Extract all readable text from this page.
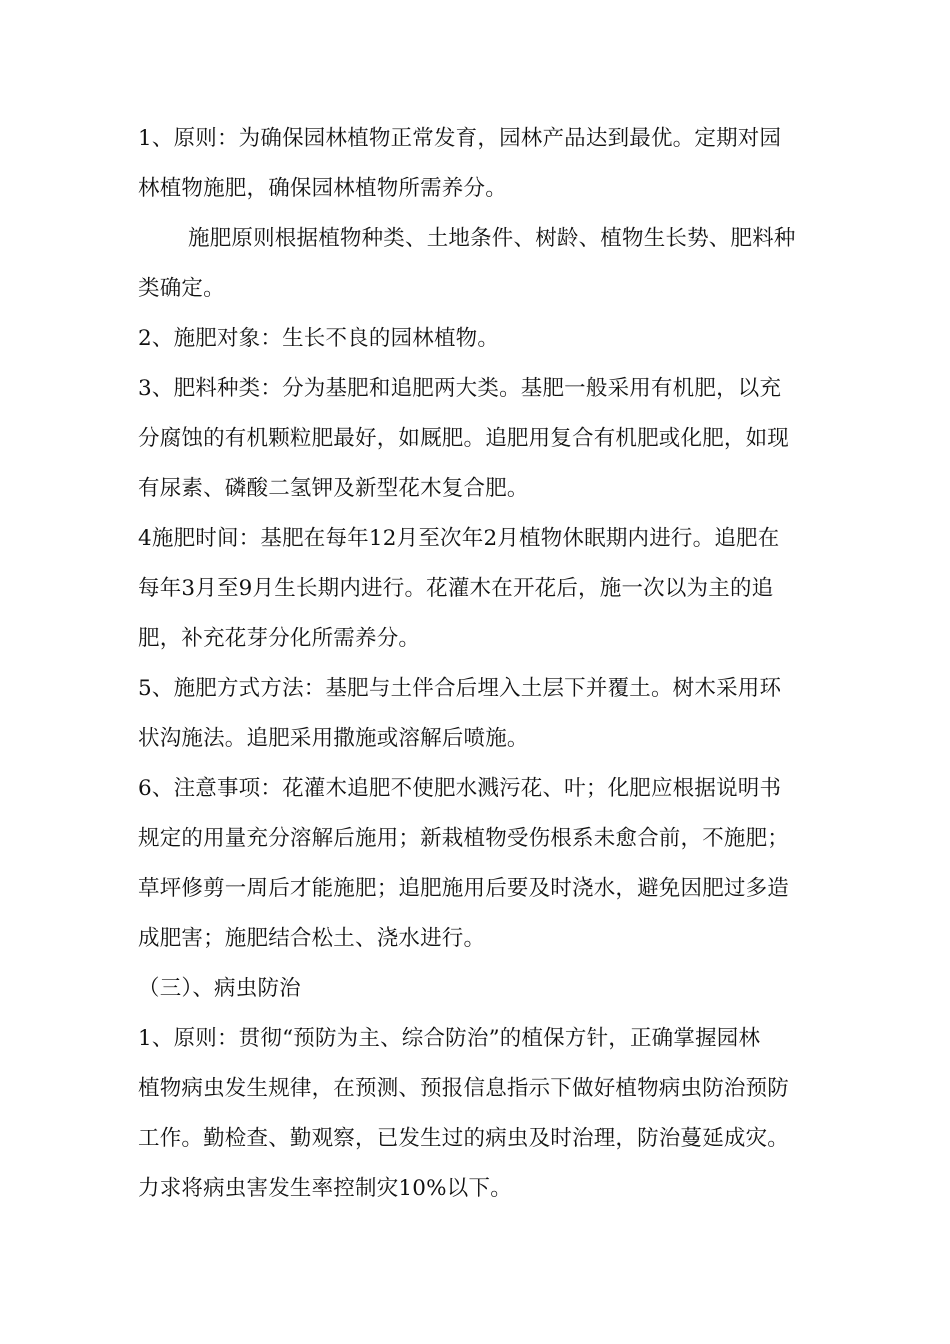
1、原则：为确保园林植物正常发育，园林产品达到最优。定期对园
林植物施肥，确保园林植物所需养分。
施肥原则根据植物种类、土地条件、树龄、植物生长势、肥料种
类确定。
2、施肥对象：生长不良的园林植物。
3、肥料种类：分为基肥和追肥两大类。基肥一般采用有机肥，以充
分腐蚀的有机颗粒肥最好，如厩肥。追肥用复合有机肥或化肥，如现
有尿素、磷酸二氢钾及新型花木复合肥。
4施肥时间：基肥在每年12月至次年2月植物休眠期内进行。追肥在
每年3月至9月生长期内进行。花灌木在开花后，施一次以为主的追
肥，补充花芽分化所需养分。
5、施肥方式方法：基肥与土伴合后埋入土层下并覆土。树木采用环
状沟施法。追肥采用撒施或溶解后喷施。
6、注意事项：花灌木追肥不使肥水溅污花、叶；化肥应根据说明书
规定的用量充分溶解后施用；新栽植物受伤根系未愈合前，不施肥；
草坪修剪一周后才能施肥；追肥施用后要及时浇水，避免因肥过多造
成肥害；施肥结合松土、浇水进行。
（三）、病虫防治
1、原则：贯彻“预防为主、综合防治”的植保方针，正确掌握园林
植物病虫发生规律，在预测、预报信息指示下做好植物病虫防治预防
工作。勤检查、勤观察，已发生过的病虫及时治理，防治蔓延成灾。
力求将病虫害发生率控制灾10%以下。
